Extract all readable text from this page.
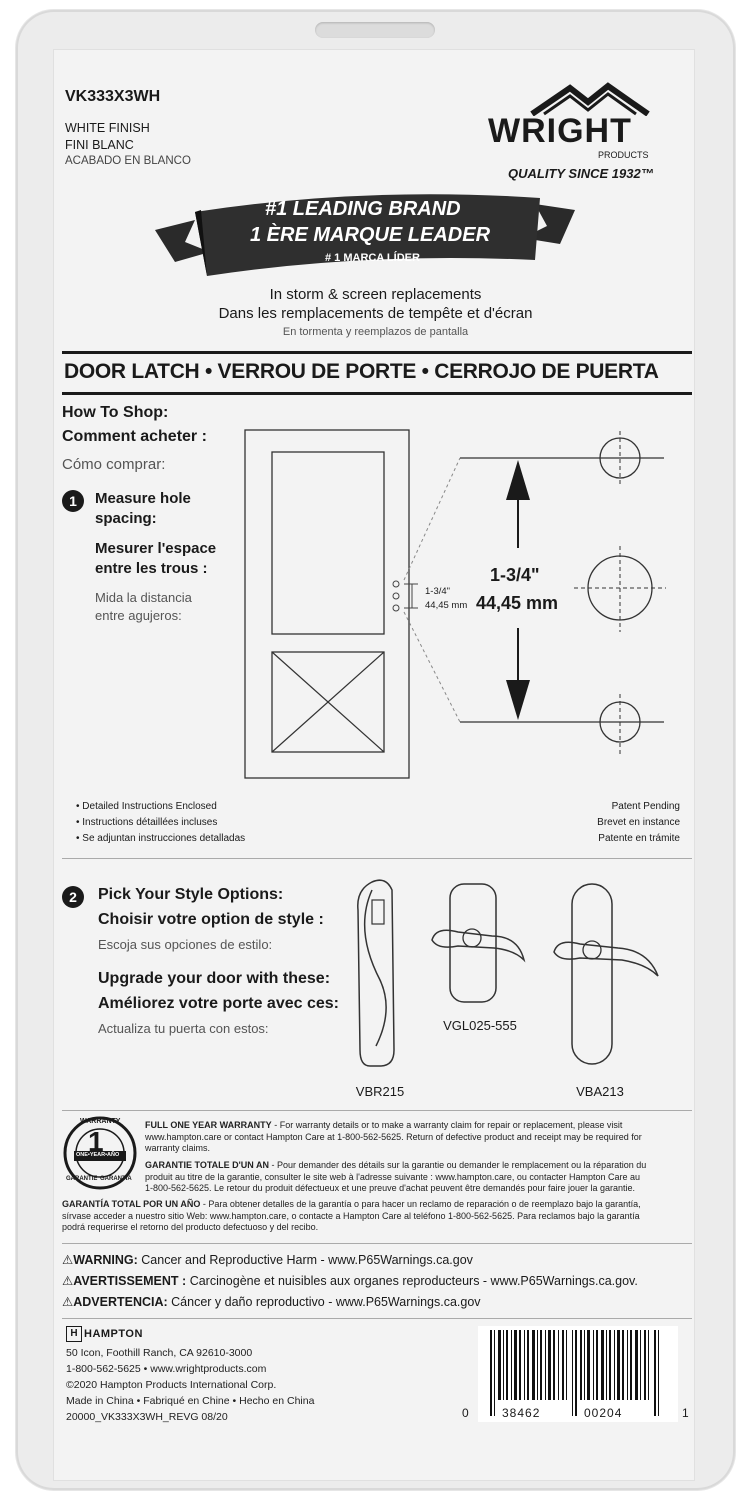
VK333X3WH
WHITE FINISH
FINI BLANC
ACABADO EN BLANCO
WRIGHT
PRODUCTS
QUALITY SINCE 1932™
#1 LEADING BRAND
1 ÈRE MARQUE LEADER
# 1 MARCA LÍDER
In storm & screen replacements
Dans les remplacements de tempête et d'écran
En tormenta y reemplazos de pantalla
DOOR LATCH • VERROU DE PORTE • CERROJO DE PUERTA
How To Shop:
Comment acheter :
Cómo comprar:
1	Measure hole
spacing:
Mesurer l'espace
entre les trous :
Mida la distancia
entre agujeros:
1-3/4"
44,45 mm
1-3/4"
44,45 mm
• Detailed Instructions Enclosed
• Instructions détaillées incluses
• Se adjuntan instrucciones detalladas
Patent Pending
Brevet en instance
Patente en trámite
2	Pick Your Style Options:
Choisir votre option de style :
Escoja sus opciones de estilo:
Upgrade your door with these:
Améliorez votre porte avec ces:
Actualiza tu puerta con estos:
VBR215
VGL025-555
VBA213
WARRANTY
1
ONE•YEAR•AÑO
GARANTIE GARANTÍA
FULL ONE YEAR WARRANTY - For warranty details or to make a warranty claim for repair or replacement, please visit
www.hampton.care or contact Hampton Care at 1-800-562-5625. Return of defective product and receipt may be required for
warranty claims.
GARANTIE TOTALE D'UN AN - Pour demander des détails sur la garantie ou demander le remplacement ou la réparation du
produit au titre de la garantie, consulter le site web à l'adresse suivante : www.hampton.care, ou contacter Hampton Care au
1-800-562-5625. Le retour du produit défectueux et une preuve d'achat peuvent être demandés pour faire jouer la garantie.
GARANTÍA TOTAL POR UN AÑO - Para obtener detalles de la garantía o para hacer un reclamo de reparación o de reemplazo bajo la garantía,
sírvase acceder a nuestro sitio Web: www.hampton.care, o contacte a Hampton Care al teléfono 1-800-562-5625. Para reclamos bajo la garantía
podrá requerirse el retorno del producto defectuoso y del recibo.
⚠WARNING: Cancer and Reproductive Harm - www.P65Warnings.ca.gov
⚠AVERTISSEMENT : Carcinogène et nuisibles aux organes reproducteurs - www.P65Warnings.ca.gov.
⚠ADVERTENCIA: Cáncer y daño reproductivo - www.P65Warnings.ca.gov
H HAMPTON
50 Icon, Foothill Ranch, CA 92610-3000
1-800-562-5625 • www.wrightproducts.com
©2020 Hampton Products International Corp.
Made in China • Fabriqué en Chine • Hecho en China
20000_VK333X3WH_REVG 08/20	0	38462	00204	1
